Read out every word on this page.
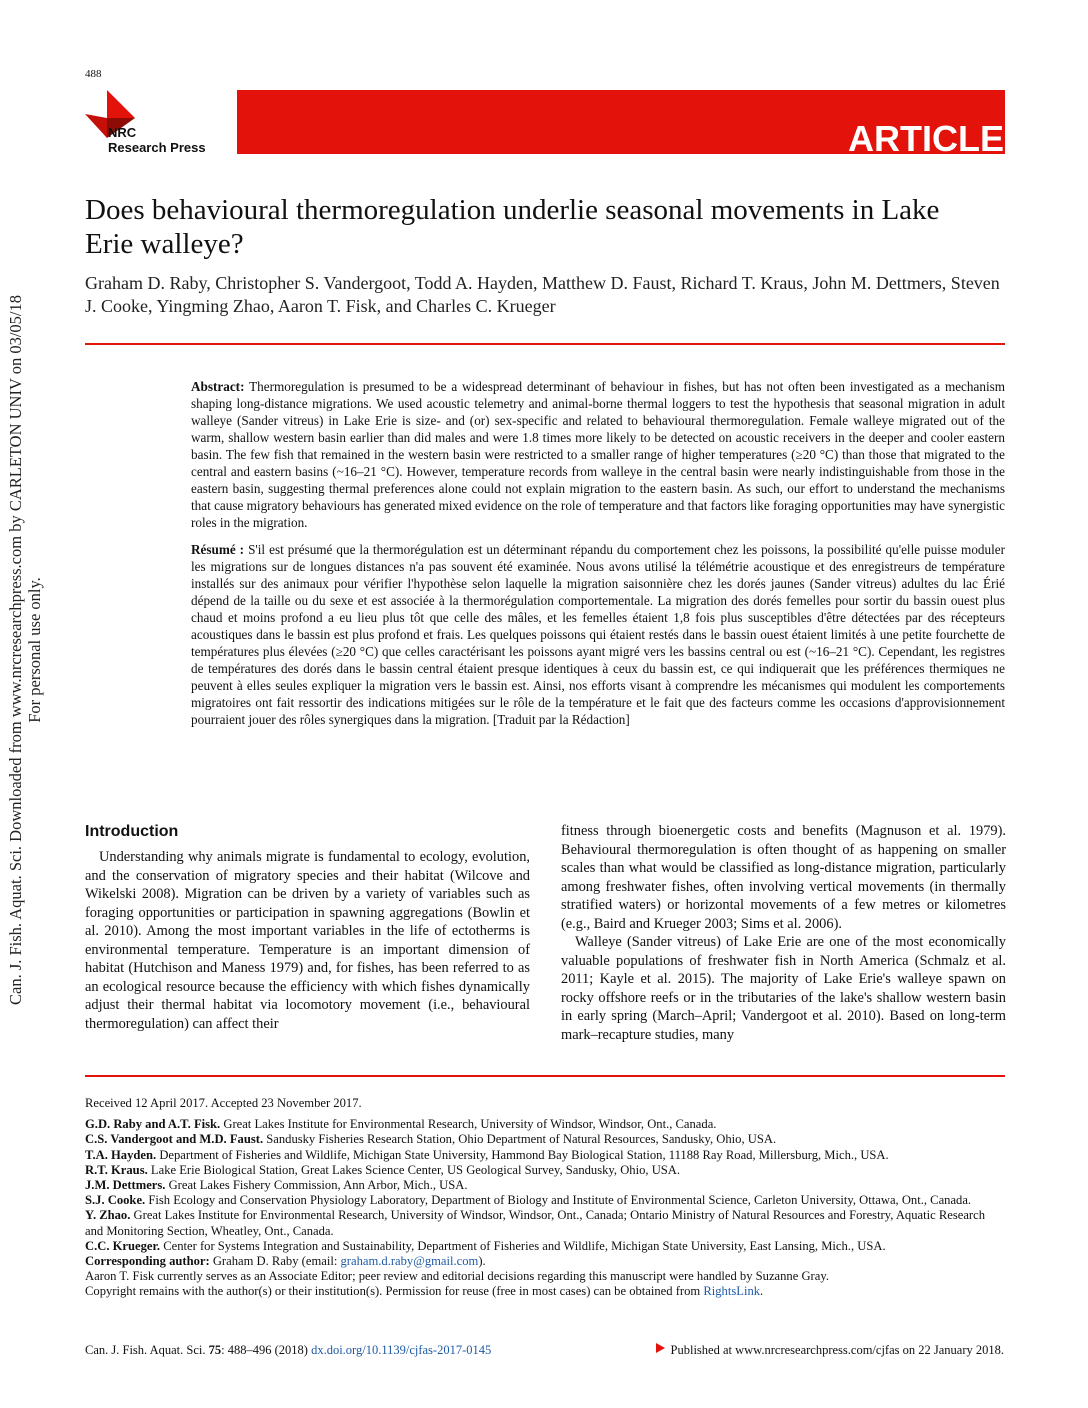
Can. J. Fish. Aquat. Sci. Downloaded from www.nrcresearchpress.com by CARLETON UNIV on 03/05/18 For personal use only.
488
NRC
Research Press	ARTICLE
Does behavioural thermoregulation underlie seasonal movements in Lake Erie walleye?
Graham D. Raby, Christopher S. Vandergoot, Todd A. Hayden, Matthew D. Faust, Richard T. Kraus, John M. Dettmers, Steven J. Cooke, Yingming Zhao, Aaron T. Fisk, and Charles C. Krueger

Abstract: Thermoregulation is presumed to be a widespread determinant of behaviour in fishes, but has not often been investigated as a mechanism shaping long-distance migrations. We used acoustic telemetry and animal-borne thermal loggers to test the hypothesis that seasonal migration in adult walleye (Sander vitreus) in Lake Erie is size- and (or) sex-specific and related to behavioural thermoregulation. Female walleye migrated out of the warm, shallow western basin earlier than did males and were 1.8 times more likely to be detected on acoustic receivers in the deeper and cooler eastern basin. The few fish that remained in the western basin were restricted to a smaller range of higher temperatures (≥20 °C) than those that migrated to the central and eastern basins (~16–21 °C). However, temperature records from walleye in the central basin were nearly indistinguishable from those in the eastern basin, suggesting thermal preferences alone could not explain migration to the eastern basin. As such, our effort to understand the mechanisms that cause migratory behaviours has generated mixed evidence on the role of temperature and that factors like foraging opportunities may have synergistic roles in the migration.

Résumé : S'il est présumé que la thermorégulation est un déterminant répandu du comportement chez les poissons, la possibilité qu'elle puisse moduler les migrations sur de longues distances n'a pas souvent été examinée. Nous avons utilisé la télémétrie acoustique et des enregistreurs de température installés sur des animaux pour vérifier l'hypothèse selon laquelle la migration saisonnière chez les dorés jaunes (Sander vitreus) adultes du lac Érié dépend de la taille ou du sexe et est associée à la thermorégulation comportementale. La migration des dorés femelles pour sortir du bassin ouest plus chaud et moins profond a eu lieu plus tôt que celle des mâles, et les femelles étaient 1,8 fois plus susceptibles d'être détectées par des récepteurs acoustiques dans le bassin est plus profond et frais. Les quelques poissons qui étaient restés dans le bassin ouest étaient limités à une petite fourchette de températures plus élevées (≥20 °C) que celles caractérisant les poissons ayant migré vers les bassins central ou est (~16–21 °C). Cependant, les registres de températures des dorés dans le bassin central étaient presque identiques à ceux du bassin est, ce qui indiquerait que les préférences thermiques ne peuvent à elles seules expliquer la migration vers le bassin est. Ainsi, nos efforts visant à comprendre les mécanismes qui modulent les comportements migratoires ont fait ressortir des indications mitigées sur le rôle de la température et le fait que des facteurs comme les occasions d'approvisionnement pourraient jouer des rôles synergiques dans la migration. [Traduit par la Rédaction]

Introduction

Understanding why animals migrate is fundamental to ecology, evolution, and the conservation of migratory species and their habitat (Wilcove and Wikelski 2008). Migration can be driven by a variety of variables such as foraging opportunities or participation in spawning aggregations (Bowlin et al. 2010). Among the most important variables in the life of ectotherms is environmental temperature. Temperature is an important dimension of habitat (Hutchison and Maness 1979) and, for fishes, has been referred to as an ecological resource because the efficiency with which fishes dynamically adjust their thermal habitat via locomotory movement (i.e., behavioural thermoregulation) can affect their

fitness through bioenergetic costs and benefits (Magnuson et al. 1979). Behavioural thermoregulation is often thought of as happening on smaller scales than what would be classified as long-distance migration, particularly among freshwater fishes, often involving vertical movements (in thermally stratified waters) or horizontal movements of a few metres or kilometres (e.g., Baird and Krueger 2003; Sims et al. 2006).

Walleye (Sander vitreus) of Lake Erie are one of the most economically valuable populations of freshwater fish in North America (Schmalz et al. 2011; Kayle et al. 2015). The majority of Lake Erie's walleye spawn on rocky offshore reefs or in the tributaries of the lake's shallow western basin in early spring (March–April; Vandergoot et al. 2010). Based on long-term mark–recapture studies, many

Received 12 April 2017. Accepted 23 November 2017.

G.D. Raby and A.T. Fisk. Great Lakes Institute for Environmental Research, University of Windsor, Windsor, Ont., Canada.

C.S. Vandergoot and M.D. Faust. Sandusky Fisheries Research Station, Ohio Department of Natural Resources, Sandusky, Ohio, USA.

T.A. Hayden. Department of Fisheries and Wildlife, Michigan State University, Hammond Bay Biological Station, 11188 Ray Road, Millersburg, Mich., USA.

R.T. Kraus. Lake Erie Biological Station, Great Lakes Science Center, US Geological Survey, Sandusky, Ohio, USA.

J.M. Dettmers. Great Lakes Fishery Commission, Ann Arbor, Mich., USA.

S.J. Cooke. Fish Ecology and Conservation Physiology Laboratory, Department of Biology and Institute of Environmental Science, Carleton University, Ottawa, Ont., Canada.

Y. Zhao. Great Lakes Institute for Environmental Research, University of Windsor, Windsor, Ont., Canada; Ontario Ministry of Natural Resources and Forestry, Aquatic Research and Monitoring Section, Wheatley, Ont., Canada.

C.C. Krueger. Center for Systems Integration and Sustainability, Department of Fisheries and Wildlife, Michigan State University, East Lansing, Mich., USA.

Corresponding author: Graham D. Raby (email: graham.d.raby@gmail.com).

Aaron T. Fisk currently serves as an Associate Editor; peer review and editorial decisions regarding this manuscript were handled by Suzanne Gray.

Copyright remains with the author(s) or their institution(s). Permission for reuse (free in most cases) can be obtained from RightsLink.

Can. J. Fish. Aquat. Sci. 75: 488–496 (2018) dx.doi.org/10.1139/cjfas-2017-0145	Published at www.nrcresearchpress.com/cjfas on 22 January 2018.
